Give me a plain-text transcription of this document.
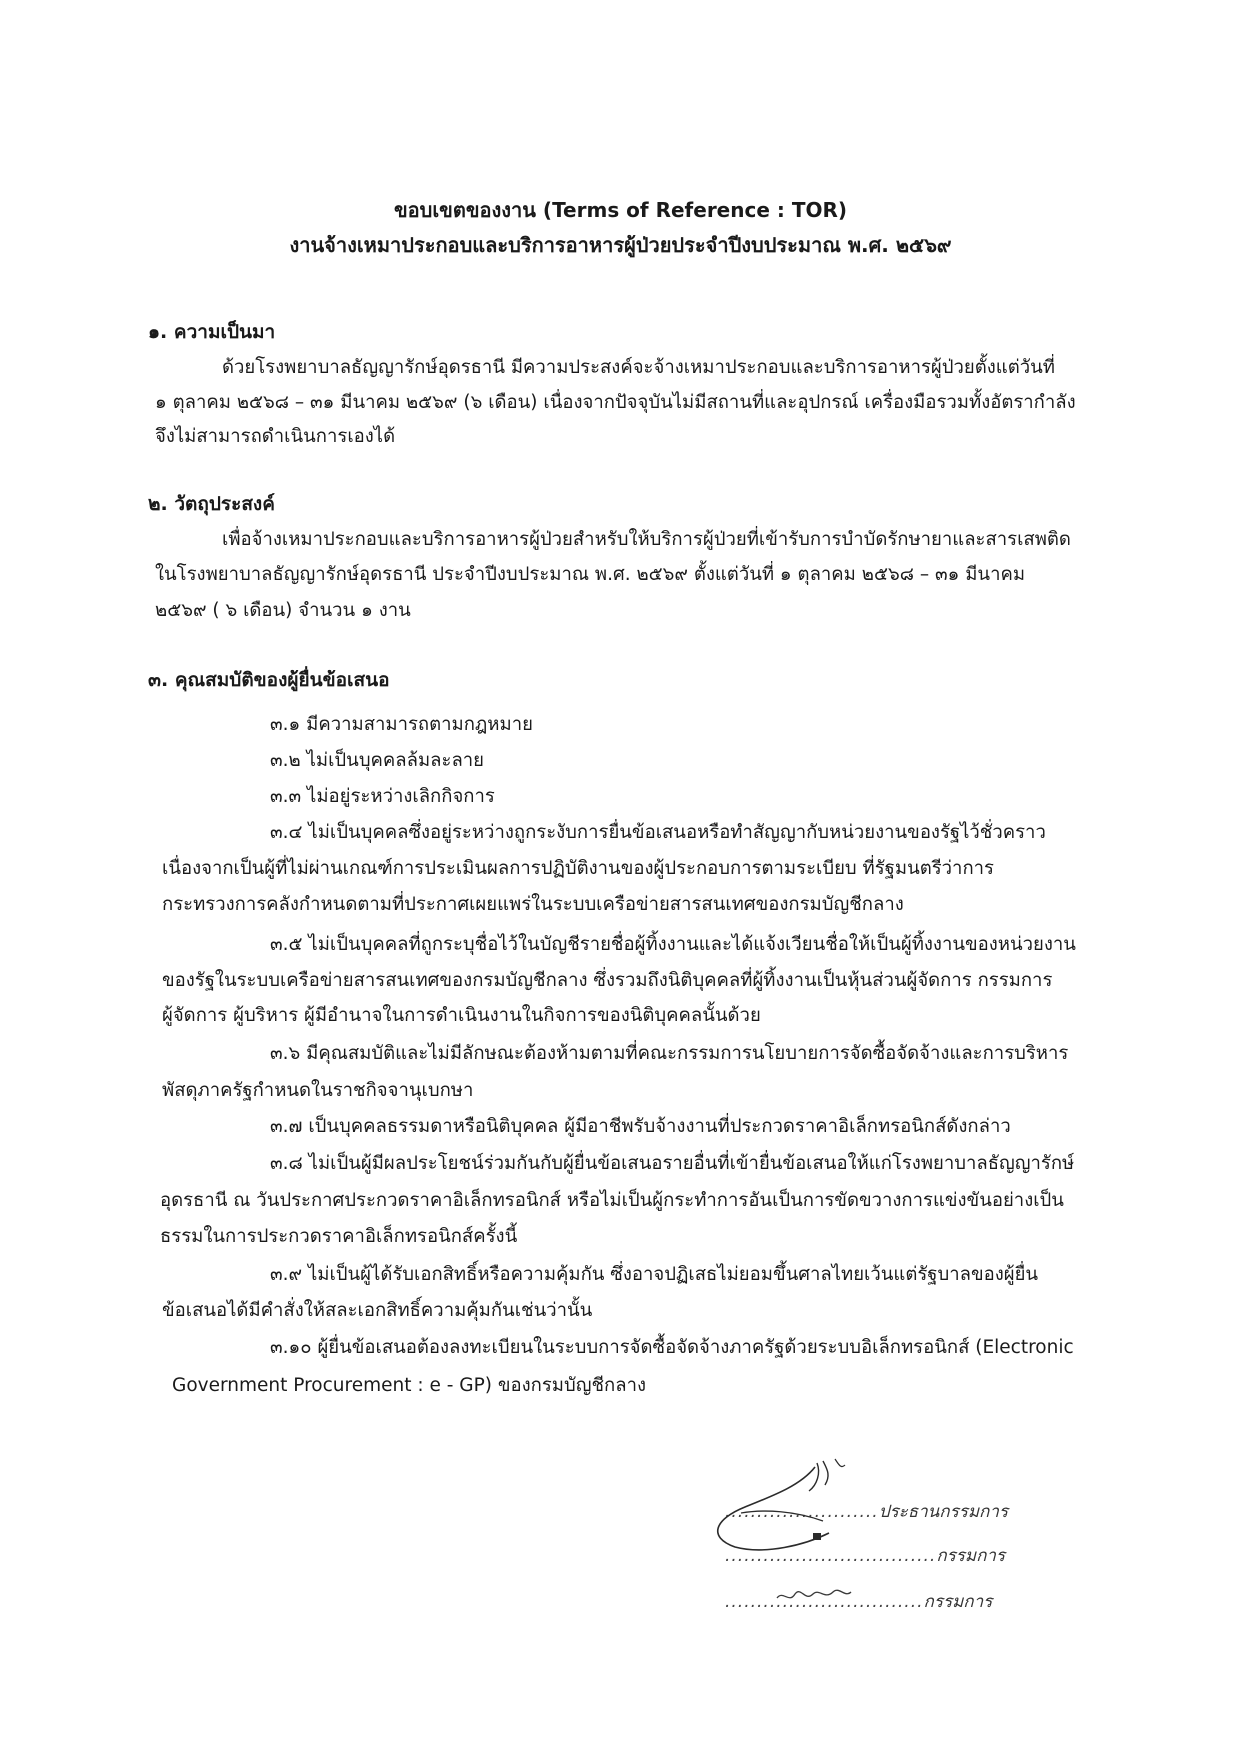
ขอบเขตของงาน (Terms of Reference : TOR)
งานจ้างเหมาประกอบและบริการอาหารผู้ป่วยประจำปีงบประมาณ พ.ศ. ๒๕๖๙
๑. ความเป็นมา
ด้วยโรงพยาบาลธัญญารักษ์อุดรธานี มีความประสงค์จะจ้างเหมาประกอบและบริการอาหารผู้ป่วยตั้งแต่วันที่
๑ ตุลาคม ๒๕๖๘ – ๓๑ มีนาคม ๒๕๖๙ (๖ เดือน) เนื่องจากปัจจุบันไม่มีสถานที่และอุปกรณ์ เครื่องมือรวมทั้งอัตรากำลัง
จึงไม่สามารถดำเนินการเองได้
๒. วัตถุประสงค์
เพื่อจ้างเหมาประกอบและบริการอาหารผู้ป่วยสำหรับให้บริการผู้ป่วยที่เข้ารับการบำบัดรักษายาและสารเสพติด
ในโรงพยาบาลธัญญารักษ์อุดรธานี ประจำปีงบประมาณ พ.ศ. ๒๕๖๙ ตั้งแต่วันที่ ๑ ตุลาคม ๒๕๖๘ – ๓๑ มีนาคม
๒๕๖๙ ( ๖ เดือน) จำนวน ๑ งาน
๓. คุณสมบัติของผู้ยื่นข้อเสนอ
๓.๑ มีความสามารถตามกฎหมาย
๓.๒ ไม่เป็นบุคคลล้มละลาย
๓.๓ ไม่อยู่ระหว่างเลิกกิจการ
๓.๔ ไม่เป็นบุคคลซึ่งอยู่ระหว่างถูกระงับการยื่นข้อเสนอหรือทำสัญญากับหน่วยงานของรัฐไว้ชั่วคราว
เนื่องจากเป็นผู้ที่ไม่ผ่านเกณฑ์การประเมินผลการปฏิบัติงานของผู้ประกอบการตามระเบียบ ที่รัฐมนตรีว่าการ
กระทรวงการคลังกำหนดตามที่ประกาศเผยแพร่ในระบบเครือข่ายสารสนเทศของกรมบัญชีกลาง
๓.๕ ไม่เป็นบุคคลที่ถูกระบุชื่อไว้ในบัญชีรายชื่อผู้ทิ้งงานและได้แจ้งเวียนชื่อให้เป็นผู้ทิ้งงานของหน่วยงาน
ของรัฐในระบบเครือข่ายสารสนเทศของกรมบัญชีกลาง ซึ่งรวมถึงนิติบุคคลที่ผู้ทิ้งงานเป็นหุ้นส่วนผู้จัดการ กรรมการ
ผู้จัดการ ผู้บริหาร ผู้มีอำนาจในการดำเนินงานในกิจการของนิติบุคคลนั้นด้วย
๓.๖ มีคุณสมบัติและไม่มีลักษณะต้องห้ามตามที่คณะกรรมการนโยบายการจัดซื้อจัดจ้างและการบริหาร
พัสดุภาครัฐกำหนดในราชกิจจานุเบกษา
๓.๗ เป็นบุคคลธรรมดาหรือนิติบุคคล ผู้มีอาชีพรับจ้างงานที่ประกวดราคาอิเล็กทรอนิกส์ดังกล่าว
๓.๘ ไม่เป็นผู้มีผลประโยชน์ร่วมกันกับผู้ยื่นข้อเสนอรายอื่นที่เข้ายื่นข้อเสนอให้แก่โรงพยาบาลธัญญารักษ์
อุดรธานี ณ วันประกาศประกวดราคาอิเล็กทรอนิกส์ หรือไม่เป็นผู้กระทำการอันเป็นการขัดขวางการแข่งขันอย่างเป็น
ธรรมในการประกวดราคาอิเล็กทรอนิกส์ครั้งนี้
๓.๙ ไม่เป็นผู้ได้รับเอกสิทธิ์หรือความคุ้มกัน ซึ่งอาจปฏิเสธไม่ยอมขึ้นศาลไทยเว้นแต่รัฐบาลของผู้ยื่น
ข้อเสนอได้มีคำสั่งให้สละเอกสิทธิ์ความคุ้มกันเช่นว่านั้น
๓.๑๐ ผู้ยื่นข้อเสนอต้องลงทะเบียนในระบบการจัดซื้อจัดจ้างภาครัฐด้วยระบบอิเล็กทรอนิกส์ (Electronic
Government Procurement : e - GP) ของกรมบัญชีกลาง
........................ประธานกรรมการ
.................................กรรมการ
...............................กรรมการ
